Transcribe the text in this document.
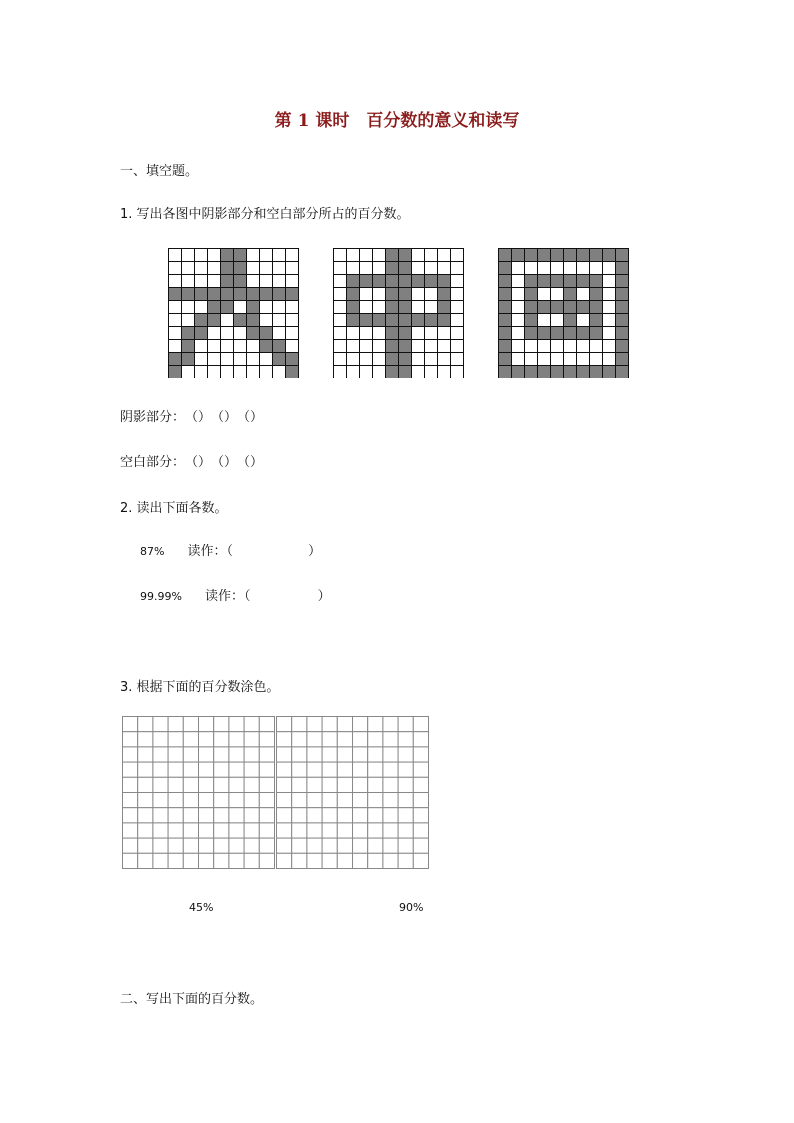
第 1 课时　百分数的意义和读写
一、填空题。
1. 写出各图中阴影部分和空白部分所占的百分数。
阴影部分：（）（）（）
空白部分：（）（）（）
2. 读出下面各数。
87% 读作：（	）
99.99% 读作：（	）
3. 根据下面的百分数涂色。
45%	90%
二、写出下面的百分数。
